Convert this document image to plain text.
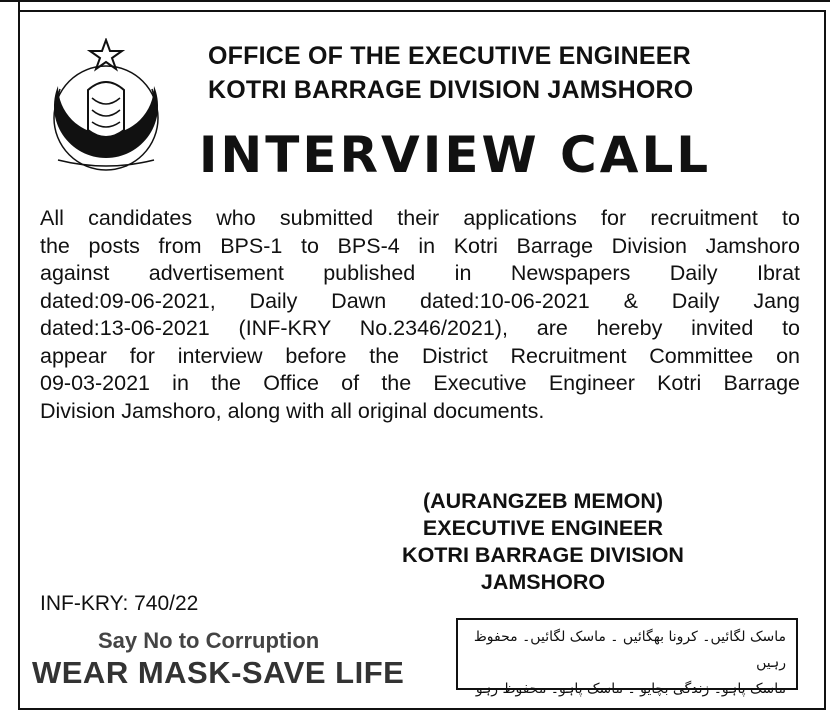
OFFICE OF THE EXECUTIVE ENGINEER
KOTRI BARRAGE DIVISION JAMSHORO
INTERVIEW CALL
All candidates who submitted their applications for recruitment to
the posts from BPS-1 to BPS-4 in Kotri Barrage Division Jamshoro
against advertisement published in Newspapers Daily Ibrat
dated:09-06-2021, Daily Dawn dated:10-06-2021 & Daily Jang
dated:13-06-2021 (INF-KRY No.2346/2021), are hereby invited to
appear for interview before the District Recruitment Committee on
09-03-2021 in the Office of the Executive Engineer Kotri Barrage
Division Jamshoro, along with all original documents.
(AURANGZEB MEMON)
EXECUTIVE ENGINEER
KOTRI BARRAGE DIVISION
JAMSHORO
INF-KRY: 740/22
Say No to Corruption
WEAR MASK-SAVE LIFE
ماسک لگائیں۔ کرونا بھگائیں ۔ ماسک لگائیں۔ محفوظ رہیں
ماسک پاہو۔ زندگی بچایو ۔ ماسک پاہو۔ محفوظ رہو
